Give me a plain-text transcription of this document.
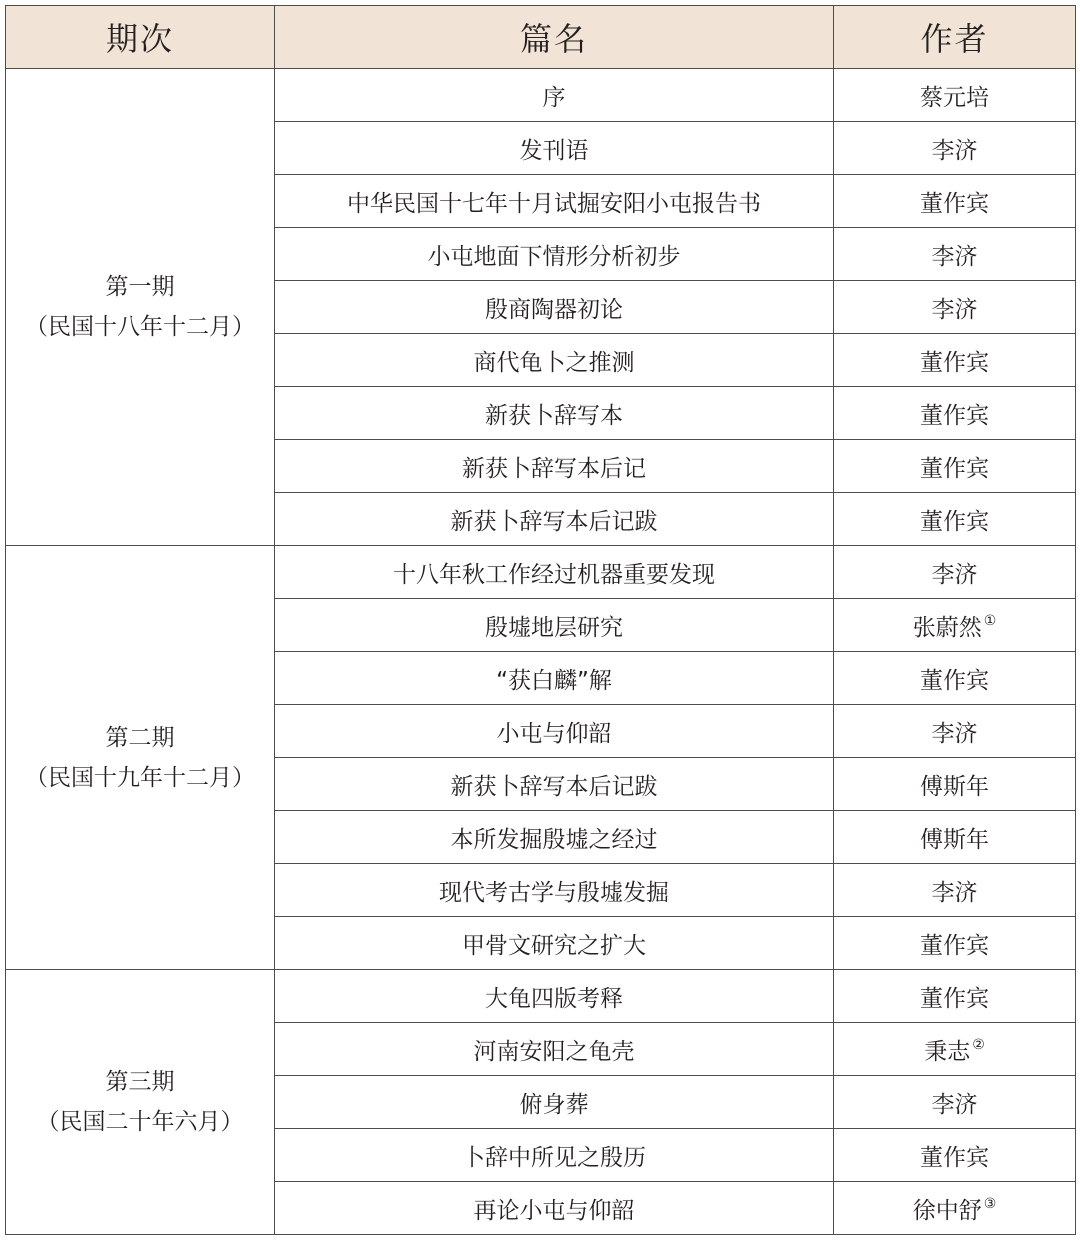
期次	篇名	作者

第一期
（民国十八年十二月）	序	蔡元培
	发刊语	李济
	中华民国十七年十月试掘安阳小屯报告书	董作宾
	小屯地面下情形分析初步	李济
	殷商陶器初论	李济
	商代龟卜之推测	董作宾
	新获卜辞写本	董作宾
	新获卜辞写本后记	董作宾
	新获卜辞写本后记跋	董作宾

第二期
（民国十九年十二月）	十八年秋工作经过机器重要发现	李济
	殷墟地层研究	张蔚然 ①
	“获白麟”解	董作宾
	小屯与仰韶	李济
	新获卜辞写本后记跋	傅斯年
	本所发掘殷墟之经过	傅斯年
	现代考古学与殷墟发掘	李济
	甲骨文研究之扩大	董作宾

第三期
（民国二十年六月）	大龟四版考释	董作宾
	河南安阳之龟壳	秉志 ②
	俯身葬	李济
	卜辞中所见之殷历	董作宾
	再论小屯与仰韶	徐中舒 ③
